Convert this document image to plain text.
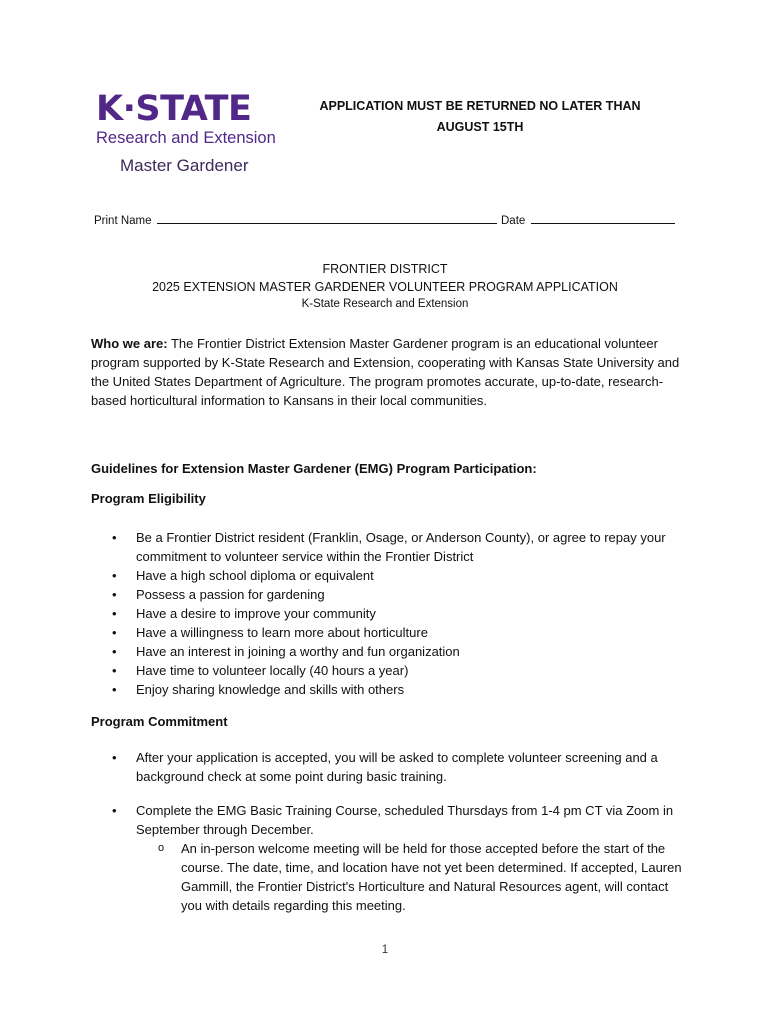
K·STATE
Research and Extension
Master Gardener
APPLICATION MUST BE RETURNED NO LATER THAN
AUGUST 15TH
Print Name	Date
FRONTIER DISTRICT
2025 EXTENSION MASTER GARDENER VOLUNTEER PROGRAM APPLICATION
K-State Research and Extension
Who we are: The Frontier District Extension Master Gardener program is an educational volunteer program supported by K-State Research and Extension, cooperating with Kansas State University and the United States Department of Agriculture. The program promotes accurate, up-to-date, research-based horticultural information to Kansans in their local communities.
Guidelines for Extension Master Gardener (EMG) Program Participation:
Program Eligibility
• Be a Frontier District resident (Franklin, Osage, or Anderson County), or agree to repay your commitment to volunteer service within the Frontier District
• Have a high school diploma or equivalent
• Possess a passion for gardening
• Have a desire to improve your community
• Have a willingness to learn more about horticulture
• Have an interest in joining a worthy and fun organization
• Have time to volunteer locally (40 hours a year)
• Enjoy sharing knowledge and skills with others
Program Commitment
• After your application is accepted, you will be asked to complete volunteer screening and a background check at some point during basic training.
• Complete the EMG Basic Training Course, scheduled Thursdays from 1-4 pm CT via Zoom in September through December.
o An in-person welcome meeting will be held for those accepted before the start of the course. The date, time, and location have not yet been determined. If accepted, Lauren Gammill, the Frontier District's Horticulture and Natural Resources agent, will contact you with details regarding this meeting.
1
